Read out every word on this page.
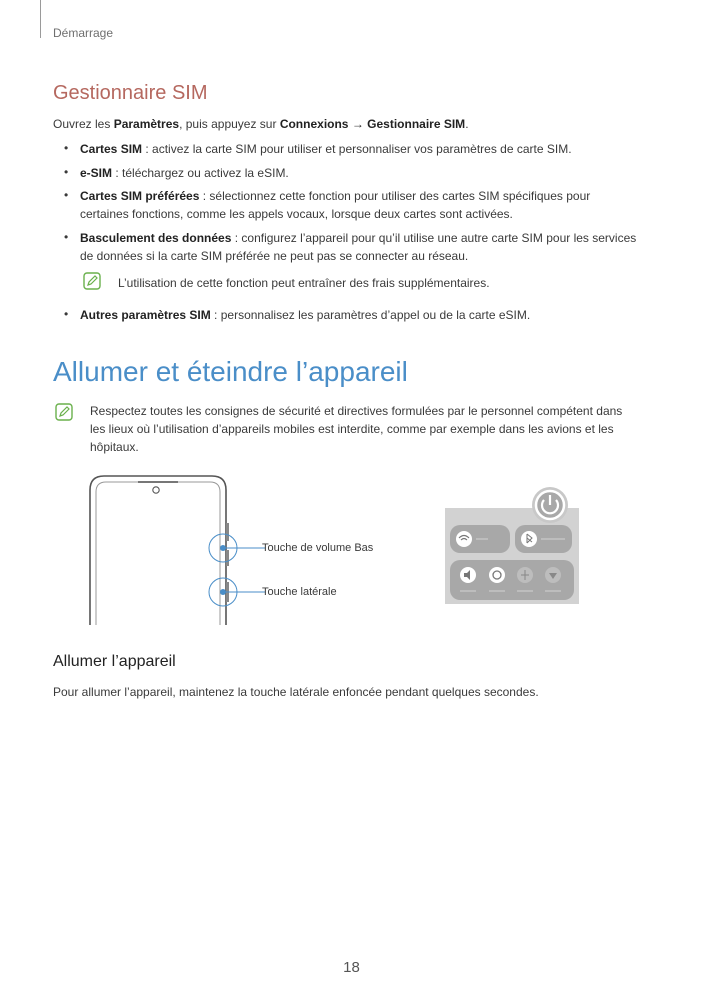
Démarrage
Gestionnaire SIM
Ouvrez les Paramètres, puis appuyez sur Connexions → Gestionnaire SIM.
• Cartes SIM : activez la carte SIM pour utiliser et personnaliser vos paramètres de carte SIM.
• e-SIM : téléchargez ou activez la eSIM.
• Cartes SIM préférées : sélectionnez cette fonction pour utiliser des cartes SIM spécifiques pour
certaines fonctions, comme les appels vocaux, lorsque deux cartes sont activées.
• Basculement des données : configurez l’appareil pour qu’il utilise une autre carte SIM pour les services
de données si la carte SIM préférée ne peut pas se connecter au réseau.
L’utilisation de cette fonction peut entraîner des frais supplémentaires.
• Autres paramètres SIM : personnalisez les paramètres d’appel ou de la carte eSIM.
Allumer et éteindre l’appareil
Respectez toutes les consignes de sécurité et directives formulées par le personnel compétent dans
les lieux où l’utilisation d’appareils mobiles est interdite, comme par exemple dans les avions et les
hôpitaux.
Touche de volume Bas
Touche latérale
Allumer l’appareil
Pour allumer l’appareil, maintenez la touche latérale enfoncée pendant quelques secondes.
18
